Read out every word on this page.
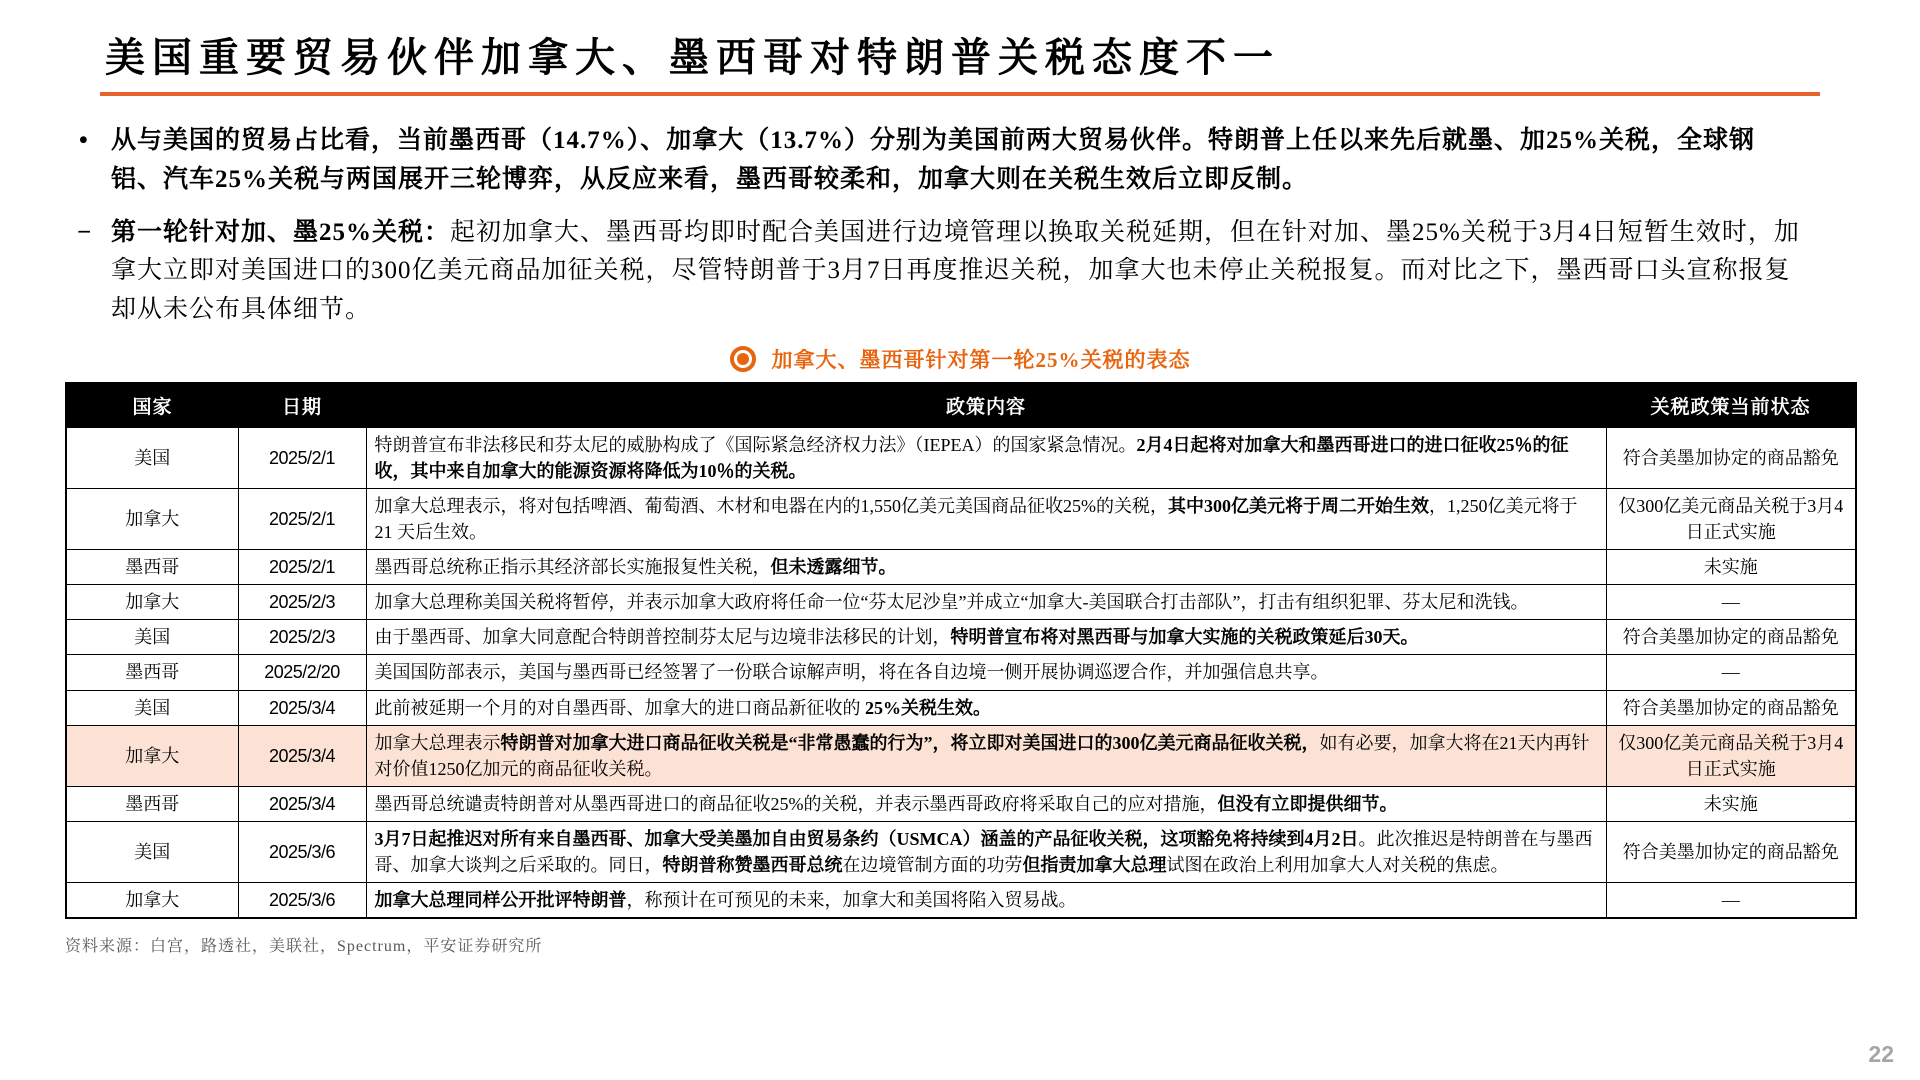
美国重要贸易伙伴加拿大、墨西哥对特朗普关税态度不一
• 从与美国的贸易占比看，当前墨西哥（14.7%）、加拿大（13.7%）分别为美国前两大贸易伙伴。特朗普上任以来先后就墨、加25%关税，全球钢铝、汽车25%关税与两国展开三轮博弈，从反应来看，墨西哥较柔和，加拿大则在关税生效后立即反制。
− 第一轮针对加、墨25%关税：起初加拿大、墨西哥均即时配合美国进行边境管理以换取关税延期，但在针对加、墨25%关税于3月4日短暂生效时，加拿大立即对美国进口的300亿美元商品加征关税，尽管特朗普于3月7日再度推迟关税，加拿大也未停止关税报复。而对比之下，墨西哥口头宣称报复却从未公布具体细节。
加拿大、墨西哥针对第一轮25%关税的表态
国家	日期	政策内容	关税政策当前状态
美国	2025/2/1	特朗普宣布非法移民和芬太尼的威胁构成了《国际紧急经济权力法》（IEPEA）的国家紧急情况。2月4日起将对加拿大和墨西哥进口的进口征收25％的征收，其中来自加拿大的能源资源将降低为10％的关税。	符合美墨加协定的商品豁免
加拿大	2025/2/1	加拿大总理表示，将对包括啤酒、葡萄酒、木材和电器在内的1,550亿美元美国商品征收25%的关税，其中300亿美元将于周二开始生效，1,250亿美元将于 21 天后生效。	仅300亿美元商品关税于3月4日正式实施
墨西哥	2025/2/1	墨西哥总统称正指示其经济部长实施报复性关税，但未透露细节。	未实施
加拿大	2025/2/3	加拿大总理称美国关税将暂停，并表示加拿大政府将任命一位“芬太尼沙皇”并成立“加拿大-美国联合打击部队”，打击有组织犯罪、芬太尼和洗钱。	—
美国	2025/2/3	由于墨西哥、加拿大同意配合特朗普控制芬太尼与边境非法移民的计划，特明普宣布将对黑西哥与加拿大实施的关税政策延后30天。	符合美墨加协定的商品豁免
墨西哥	2025/2/20	美国国防部表示，美国与墨西哥已经签署了一份联合谅解声明，将在各自边境一侧开展协调巡逻合作，并加强信息共享。	—
美国	2025/3/4	此前被延期一个月的对自墨西哥、加拿大的进口商品新征收的 25%关税生效。	符合美墨加协定的商品豁免
加拿大	2025/3/4	加拿大总理表示特朗普对加拿大进口商品征收关税是“非常愚蠢的行为”，将立即对美国进口的300亿美元商品征收关税，如有必要，加拿大将在21天内再针对价值1250亿加元的商品征收关税。	仅300亿美元商品关税于3月4日正式实施
墨西哥	2025/3/4	墨西哥总统谴责特朗普对从墨西哥进口的商品征收25%的关税，并表示墨西哥政府将采取自己的应对措施，但没有立即提供细节。	未实施
美国	2025/3/6	3月7日起推迟对所有来自墨西哥、加拿大受美墨加自由贸易条约（USMCA）涵盖的产品征收关税，这项豁免将持续到4月2日。此次推迟是特朗普在与墨西哥、加拿大谈判之后采取的。同日，特朗普称赞墨西哥总统在边境管制方面的功劳但指责加拿大总理试图在政治上利用加拿大人对关税的焦虑。	符合美墨加协定的商品豁免
加拿大	2025/3/6	加拿大总理同样公开批评特朗普，称预计在可预见的未来，加拿大和美国将陷入贸易战。	—
资料来源：白宫，路透社，美联社，Spectrum，平安证券研究所
22
